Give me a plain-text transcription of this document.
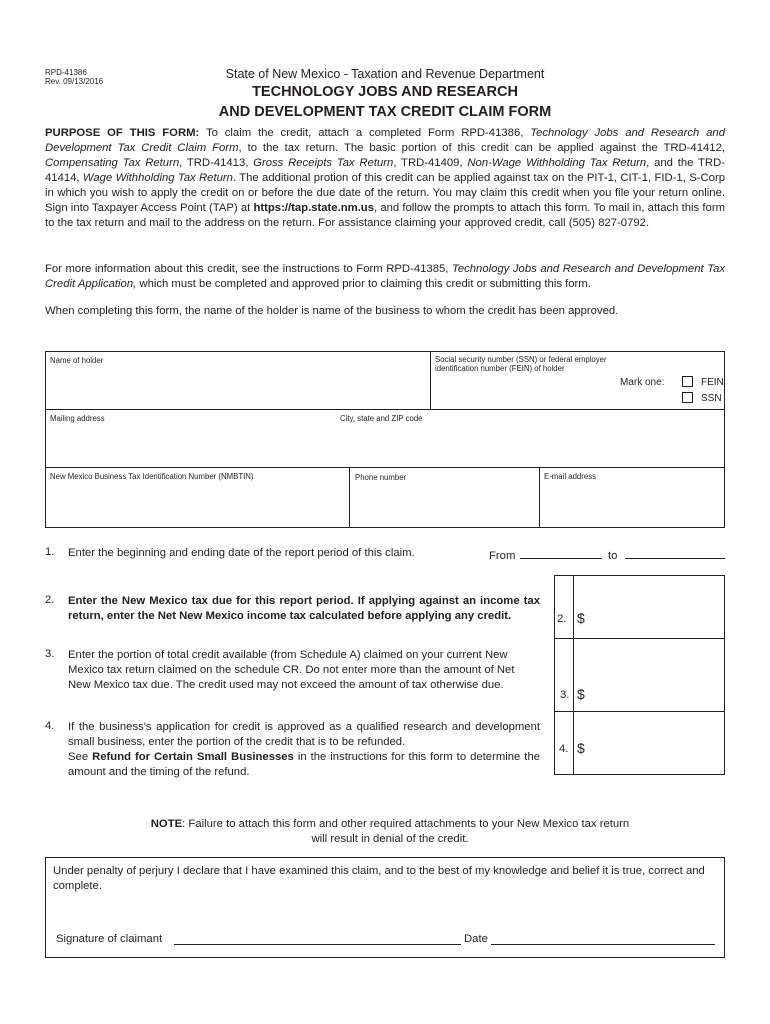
RPD-41386
Rev. 09/13/2016
State of New Mexico - Taxation and Revenue Department
TECHNOLOGY JOBS AND RESEARCH
AND DEVELOPMENT TAX CREDIT CLAIM FORM
PURPOSE OF THIS FORM: To claim the credit, attach a completed Form RPD-41386, Technology Jobs and Research and Development Tax Credit Claim Form, to the tax return. The basic portion of this credit can be applied against the TRD-41412, Compensating Tax Return, TRD-41413, Gross Receipts Tax Return, TRD-41409, Non-Wage Withholding Tax Return, and the TRD-41414, Wage Withholding Tax Return. The additional protion of this credit can be applied against tax on the PIT-1, CIT-1, FID-1, S-Corp in which you wish to apply the credit on or before the due date of the return. You may claim this credit when you file your return online. Sign into Taxpayer Access Point (TAP) at https://tap.state.nm.us, and follow the prompts to attach this form. To mail in, attach this form to the tax return and mail to the address on the return. For assistance claiming your approved credit, call (505) 827-0792.
For more information about this credit, see the instructions to Form RPD-41385, Technology Jobs and Research and Development Tax Credit Application, which must be completed and approved prior to claiming this credit or submitting this form.
When completing this form, the name of the holder is name of the business to whom the credit has been approved.
Name of holder	Social security number (SSN) or federal employer identification number (FEIN) of holder
Mark one:	FEIN
SSN
Mailing address	City, state and ZIP code
New Mexico Business Tax Identification Number (NMBTIN)	Phone number	E-mail address
1. Enter the beginning and ending date of the report period of this claim.	From	to
2. $
3. $
4. $
2. Enter the New Mexico tax due for this report period. If applying against an income tax return, enter the Net New Mexico income tax calculated before applying any credit.
3. Enter the portion of total credit available (from Schedule A) claimed on your current New Mexico tax return claimed on the schedule CR. Do not enter more than the amount of Net New Mexico tax due. The credit used may not exceed the amount of tax otherwise due.
4. If the business's application for credit is approved as a qualified research and development small business, enter the portion of the credit that is to be refunded.
See Refund for Certain Small Businesses in the instructions for this form to determine the amount and the timing of the refund.
NOTE: Failure to attach this form and other required attachments to your New Mexico tax return
will result in denial of the credit.
Under penalty of perjury I declare that I have examined this claim, and to the best of my knowledge and belief it is true, correct and complete.
Signature of claimant	Date
